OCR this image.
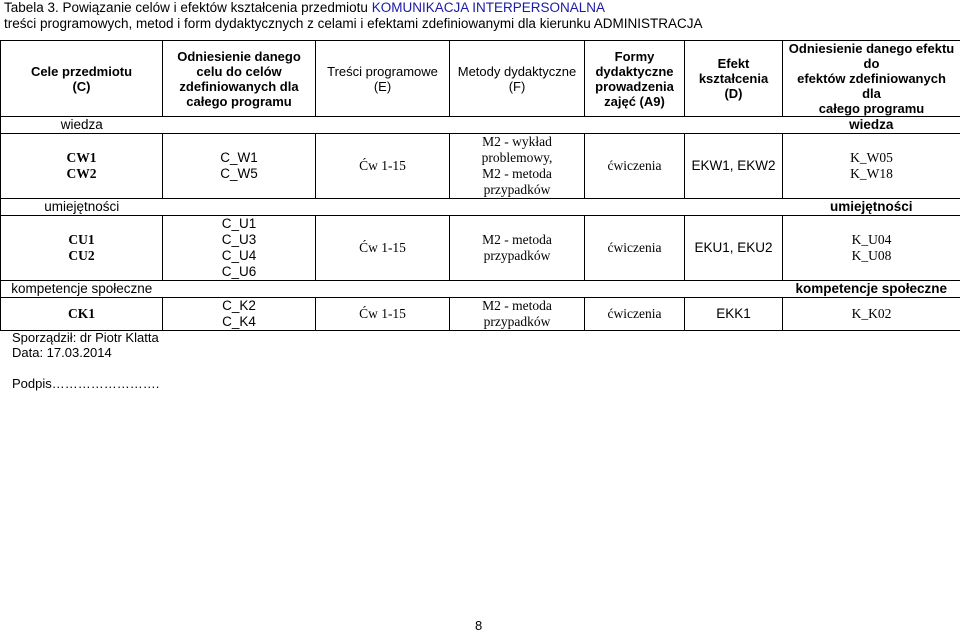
Tabela 3. Powiązanie celów i efektów kształcenia przedmiotu KOMUNIKACJA INTERPERSONALNA
treści programowych, metod i form dydaktycznych z celami i efektami zdefiniowanymi dla kierunku ADMINISTRACJA
Cele przedmiotu
(C)	Odniesienie danego
celu do celów
zdefiniowanych dla
całego programu	Treści programowe
(E)	Metody dydaktyczne
(F)	Formy
dydaktyczne
prowadzenia
zajęć (A9)	Efekt
kształcenia
(D)	Odniesienie danego efektu do
efektów zdefiniowanych dla
całego programu
wiedza						wiedza
CW1
CW2	C_W1
C_W5	Ćw 1-15	M2 - wykład
problemowy,
M2 - metoda
przypadków	ćwiczenia	EKW1, EKW2	K_W05
K_W18
umiejętności						umiejętności
CU1
CU2	C_U1
C_U3
C_U4
C_U6	Ćw 1-15	M2 - metoda
przypadków	ćwiczenia	EKU1, EKU2	K_U04
K_U08
kompetencje społeczne						kompetencje społeczne
CK1	C_K2
C_K4	Ćw 1-15	M2 - metoda
przypadków	ćwiczenia	EKK1	K_K02
Sporządził: dr Piotr Klatta
Data: 17.03.2014
Podpis…………………….
8
